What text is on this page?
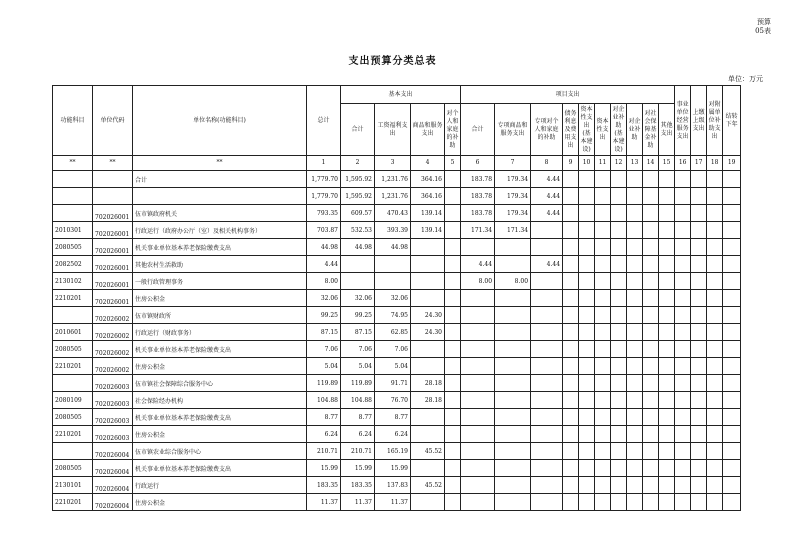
预算
05表
支出预算分类总表
单位：万元
功能科目	单位代码	单位名称(功能科目)	总计	基本支出				项目支出										事业单位经营服务支出	上缴上级支出	对附属单位补助支出	结转下年
				合计	工资福利支出	商品和服务支出	对个人和家庭的补助	合计	专项商品和服务支出	专项对个人和家庭的补助	债务利息及费用支出	资本性支出(基本建设)	资本性支出	对企业补助(基本建设)	对企业补助	对社会保障基金补助	其他支出				
**	**	**	1	2	3	4	5	6	7	8	9	10	11	12	13	14	15	16	17	18	19
		合计	1,779.70	1,595.92	1,231.76	364.16		183.78	179.34	4.44											
			1,779.70	1,595.92	1,231.76	364.16		183.78	179.34	4.44											
	702026001	伍市镇政府机关	793.35	609.57	470.43	139.14		183.78	179.34	4.44											
2010301	702026001	行政运行（政府办公厅（室）及相关机构事务）	703.87	532.53	393.39	139.14		171.34	171.34												
2080505	702026001	机关事业单位基本养老保险缴费支出	44.98	44.98	44.98																
2082502	702026001	其他农村生活救助	4.44					4.44		4.44											
2130102	702026001	一般行政管理事务	8.00					8.00	8.00												
2210201	702026001	住房公积金	32.06	32.06	32.06																
	702026002	伍市镇财政所	99.25	99.25	74.95	24.30															
2010601	702026002	行政运行（财政事务）	87.15	87.15	62.85	24.30															
2080505	702026002	机关事业单位基本养老保险缴费支出	7.06	7.06	7.06																
2210201	702026002	住房公积金	5.04	5.04	5.04																
	702026003	伍市镇社会保障综合服务中心	119.89	119.89	91.71	28.18															
2080109	702026003	社会保险经办机构	104.88	104.88	76.70	28.18															
2080505	702026003	机关事业单位基本养老保险缴费支出	8.77	8.77	8.77																
2210201	702026003	住房公积金	6.24	6.24	6.24																
	702026004	伍市镇农业综合服务中心	210.71	210.71	165.19	45.52															
2080505	702026004	机关事业单位基本养老保险缴费支出	15.99	15.99	15.99																
2130101	702026004	行政运行	183.35	183.35	137.83	45.52															
2210201	702026004	住房公积金	11.37	11.37	11.37																
